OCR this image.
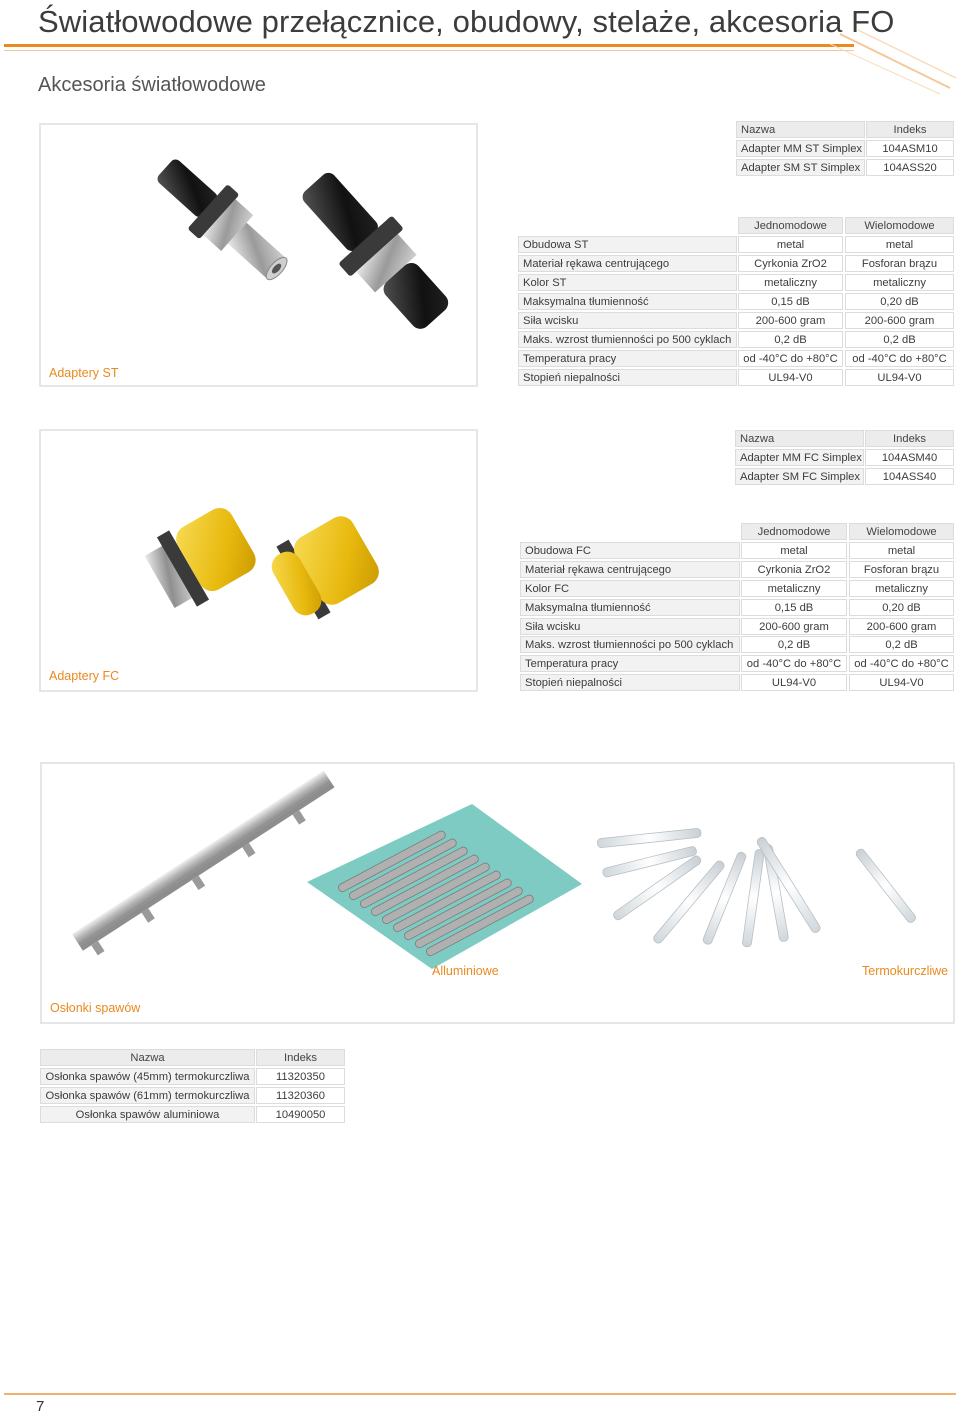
Światłowodowe przełącznice, obudowy, stelaże, akcesoria FO
Akcesoria światłowodowe
Adaptery ST
Nazwa	Indeks
Adapter MM ST Simplex	104ASM10
Adapter SM ST Simplex	104ASS20
Jednomodowe	Wielomodowe
Obudowa ST	metal	metal
Materiał rękawa centrującego	Cyrkonia ZrO2	Fosforan brązu
Kolor ST	metaliczny	metaliczny
Maksymalna tłumienność	0,15 dB	0,20 dB
Siła wcisku	200-600 gram	200-600 gram
Maks. wzrost tłumienności po 500 cyklach	0,2 dB	0,2 dB
Temperatura pracy	od -40°C do +80°C	od -40°C do +80°C
Stopień niepalności	UL94-V0	UL94-V0
Adaptery FC
Nazwa	Indeks
Adapter MM FC Simplex	104ASM40
Adapter SM FC Simplex	104ASS40
Jednomodowe	Wielomodowe
Obudowa FC	metal	metal
Materiał rękawa centrującego	Cyrkonia ZrO2	Fosforan brązu
Kolor FC	metaliczny	metaliczny
Maksymalna tłumienność	0,15 dB	0,20 dB
Siła wcisku	200-600 gram	200-600 gram
Maks. wzrost tłumienności po 500 cyklach	0,2 dB	0,2 dB
Temperatura pracy	od -40°C do +80°C	od -40°C do +80°C
Stopień niepalności	UL94-V0	UL94-V0
Alluminiowe	Termokurczliwe
Osłonki spawów
Nazwa	Indeks
Osłonka spawów (45mm) termokurczliwa	11320350
Osłonka spawów (61mm) termokurczliwa	11320360
Osłonka spawów aluminiowa	10490050
7
